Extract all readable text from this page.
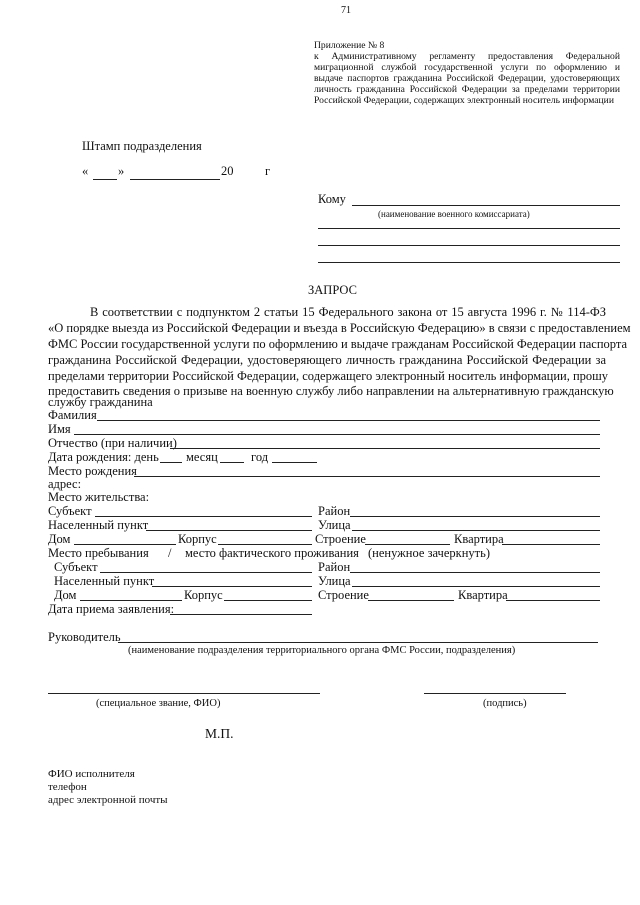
71
Приложение № 8
к Административному регламенту предоставления Федеральной
миграционной службой государственной услуги по оформлению и
выдаче паспортов гражданина Российской Федерации, удостоверяющих
личность гражданина Российской Федерации за пределами территории
Российской Федерации, содержащих электронный носитель информации
Штамп подразделения
« »	20	г
Кому
(наименование военного комиссариата)
ЗАПРОС
В соответствии с подпунктом 2 статьи 15 Федерального закона от 15 августа 1996 г. № 114-ФЗ
«О порядке выезда из Российской Федерации и въезда в Российскую Федерацию» в связи с предоставлением
ФМС России государственной услуги по оформлению и выдаче гражданам Российской Федерации паспорта
гражданина Российской Федерации, удостоверяющего личность гражданина Российской Федерации за
пределами территории Российской Федерации, содержащего электронный носитель информации, прошу
предоставить сведения о призыве на военную службу либо направлении на альтернативную гражданскую
службу гражданина
Фамилия
Имя
Отчество (при наличии)
Дата рождения: день месяц	год
Место рождения
адрес:
Место жительства:
Субъект	Район
Населенный пункт	Улица
Дом	Корпус	Строение	Квартира
Место пребывания / место фактического проживания (ненужное зачеркнуть)
Субъект	Район
Населенный пункт	Улица
Дом	Корпус	Строение	Квартира
Дата приема заявления:
Руководитель
(наименование подразделения территориального органа ФМС России, подразделения)
(специальное звание, ФИО)	(подпись)
М.П.
ФИО исполнителя
телефон
адрес электронной почты
